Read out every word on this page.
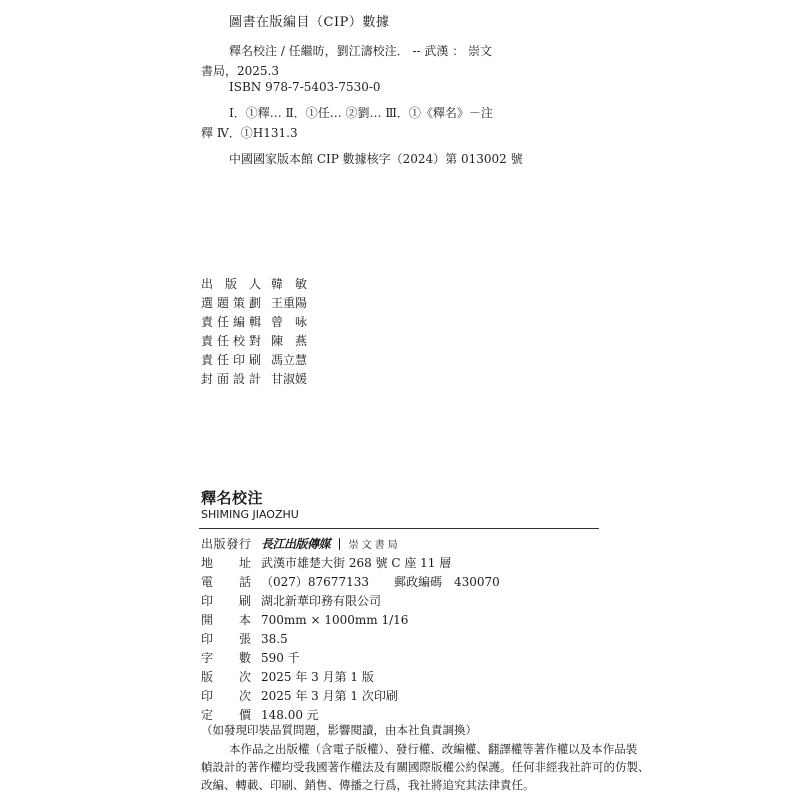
圖書在版編目（CIP）數據
釋名校注 / 任繼昉，劉江濤校注． -- 武漢 ： 崇文
書局，2025.3
ISBN 978-7-5403-7530-0
Ⅰ．①釋… Ⅱ．①任… ②劉… Ⅲ．①《釋名》－注
釋 Ⅳ．①H131.3
中國國家版本館 CIP 數據核字（2024）第 013002 號
出版人 韓　敏
選題策劃 王重陽
責任編輯 曾　咏
責任校對 陳　燕
責任印刷 馮立慧
封面設計 甘淑媛
釋名校注
SHIMING JIAOZHU
出版發行 長江出版傳媒 崇文書局
地址 武漢市雄楚大街 268 號 C 座 11 層
電話 （027）87677133 郵政編碼 430070
印刷 湖北新華印務有限公司
開本 700mm × 1000mm 1/16
印張 38.5
字數 590 千
版次 2025 年 3 月第 1 版
印次 2025 年 3 月第 1 次印刷
定價 148.00 元
（如發現印裝品質問題，影響閱讀，由本社負責調換）
本作品之出版權（含電子版權）、發行權、改編權、翻譯權等著作權以及本作品裝
幀設計的著作權均受我國著作權法及有關國際版權公約保護。任何非經我社許可的仿製、
改編、轉載、印刷、銷售、傳播之行爲，我社將追究其法律責任。
